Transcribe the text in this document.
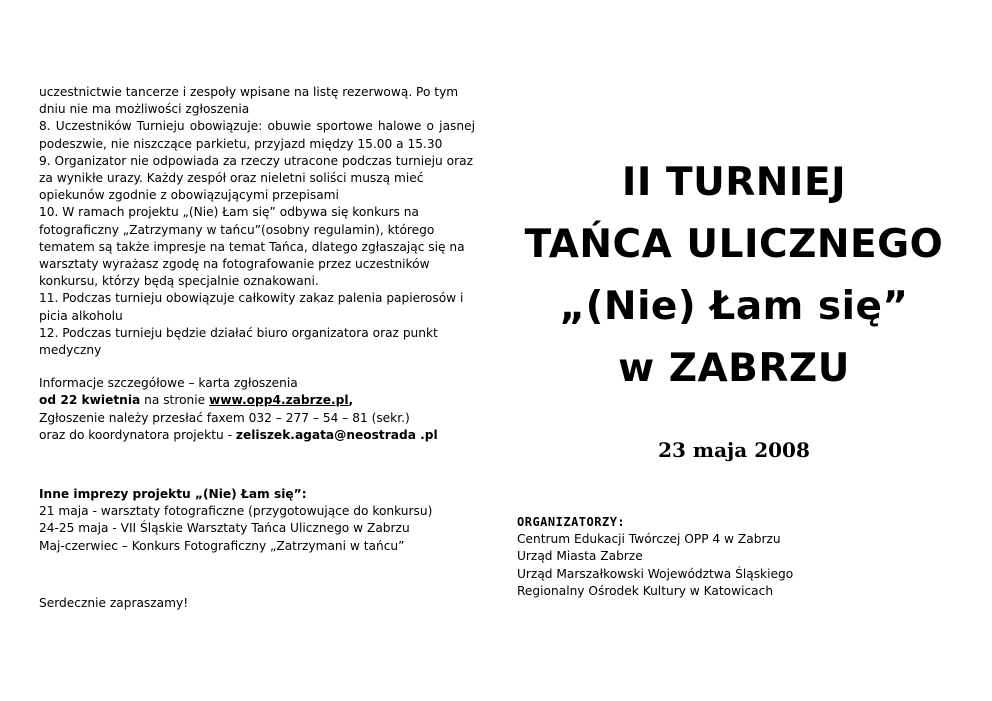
uczestnictwie tancerze i zespoły wpisane na listę rezerwową. Po tym dniu nie ma możliwości zgłoszenia

8. Uczestników Turnieju obowiązuje: obuwie sportowe halowe o jasnej podeszwie, nie niszczące parkietu, przyjazd między 15.00 a 15.30

9. Organizator nie odpowiada za rzeczy utracone podczas turnieju oraz za wynikłe urazy. Każdy zespół oraz nieletni soliści muszą mieć opiekunów zgodnie z obowiązującymi przepisami

10. W ramach projektu „(Nie) Łam się” odbywa się konkurs na fotograficzny „Zatrzymany w tańcu”(osobny regulamin), którego tematem są także impresje na temat Tańca, dlatego zgłaszając się na warsztaty wyrażasz zgodę na fotografowanie przez uczestników konkursu, którzy będą specjalnie oznakowani.

11. Podczas turnieju obowiązuje całkowity zakaz palenia papierosów i picia alkoholu

12. Podczas turnieju będzie działać biuro organizatora oraz punkt medyczny

Informacje szczegółowe – karta zgłoszenia

od 22 kwietnia na stronie www.opp4.zabrze.pl,

Zgłoszenie należy przesłać faxem 032 – 277 – 54 – 81 (sekr.)

oraz do koordynatora projektu - zeliszek.agata@neostrada .pl

Inne imprezy projektu „(Nie) Łam się”:

21 maja - warsztaty fotograficzne (przygotowujące do konkursu)

24-25 maja - VII Śląskie Warsztaty Tańca Ulicznego w Zabrzu

Maj-czerwiec – Konkurs Fotograficzny „Zatrzymani w tańcu”

Serdecznie zapraszamy!

II TURNIEJ
TAŃCA ULICZNEGO
„(Nie) Łam się”
w ZABRZU
23 maja 2008

ORGANIZATORZY:

Centrum Edukacji Twórczej OPP 4 w Zabrzu

Urząd Miasta Zabrze

Urząd Marszałkowski Województwa Śląskiego

Regionalny Ośrodek Kultury w Katowicach
